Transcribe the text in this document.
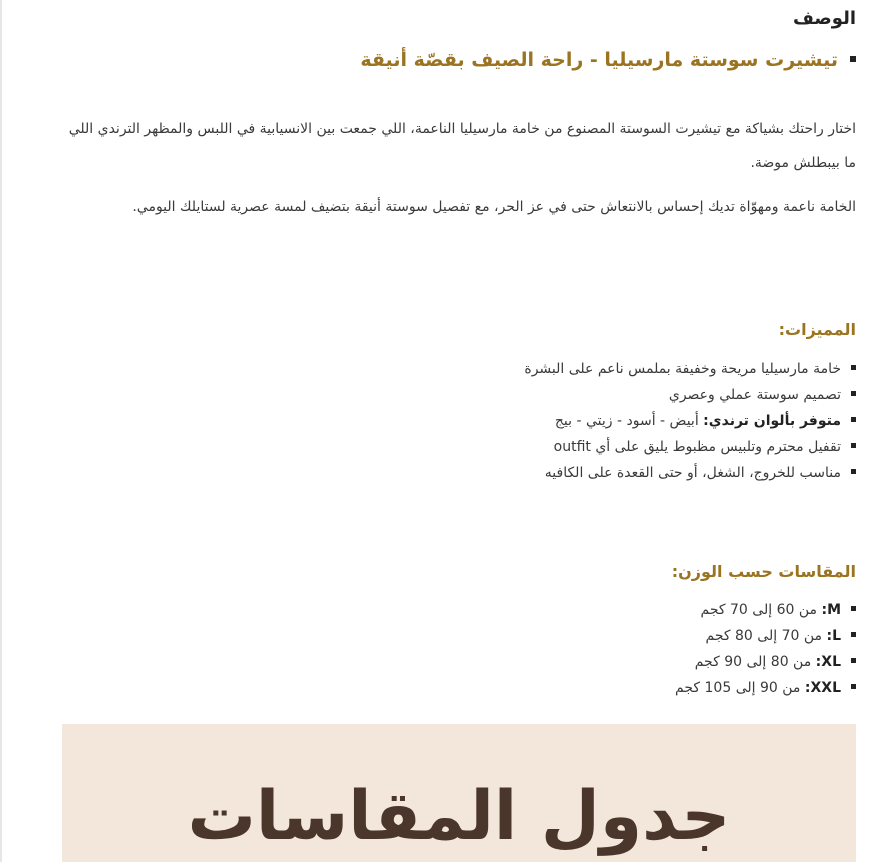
الوصف
تيشيرت سوستة مارسيليا - راحة الصيف بقصّة أنيقة

اختار راحتك بشياكة مع تيشيرت السوستة المصنوع من خامة مارسيليا الناعمة، اللي جمعت بين الانسيابية في اللبس والمظهر الترندي اللي ما بيبطلش موضة.

الخامة ناعمة ومهوّاة تديك إحساس بالانتعاش حتى في عز الحر، مع تفصيل سوستة أنيقة بتضيف لمسة عصرية لستايلك اليومي.

المميزات:
خامة مارسيليا مريحة وخفيفة بملمس ناعم على البشرة
تصميم سوستة عملي وعصري
متوفر بألوان ترندي: أبيض - أسود - زيتي - بيج
تقفيل محترم وتلبيس مظبوط يليق على أي outfit
مناسب للخروج، الشغل، أو حتى القعدة على الكافيه
المقاسات حسب الوزن:
M: من 60 إلى 70 كجم
L: من 70 إلى 80 كجم
XL: من 80 إلى 90 كجم
XXL: من 90 إلى 105 كجم
جدول المقاسات
